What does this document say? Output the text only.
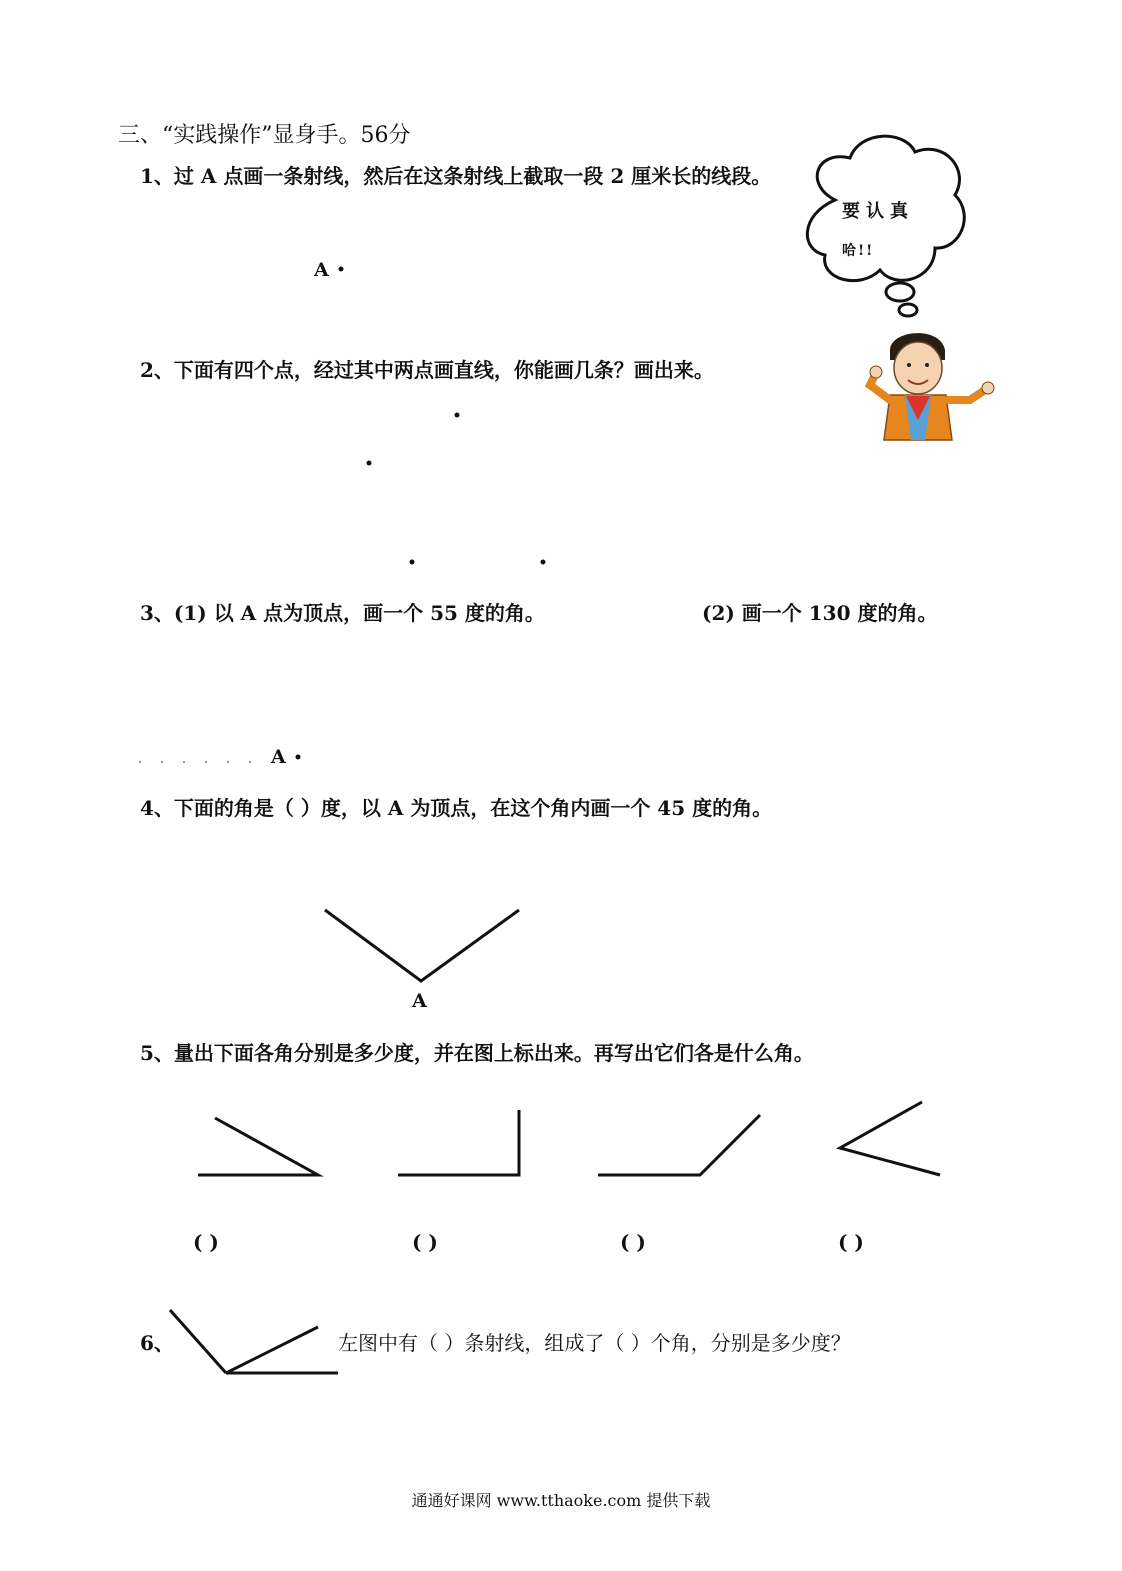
三、“实践操作”显身手。56分
1、过 A 点画一条射线，然后在这条射线上截取一段 2 厘米长的线段。
A
2、下面有四个点，经过其中两点画直线，你能画几条？画出来。
3、(1) 以 A 点为顶点，画一个 55 度的角。	(2) 画一个 130 度的角。
A
4、下面的角是（ ）度，以 A 为顶点，在这个角内画一个 45 度的角。
A
5、量出下面各角分别是多少度，并在图上标出来。再写出它们各是什么角。
( )	( )	( )	( )
6、	左图中有（ ）条射线，组成了（ ）个角，分别是多少度？
通通好课网 www.tthaoke.com 提供下载
要认真
哈!!
